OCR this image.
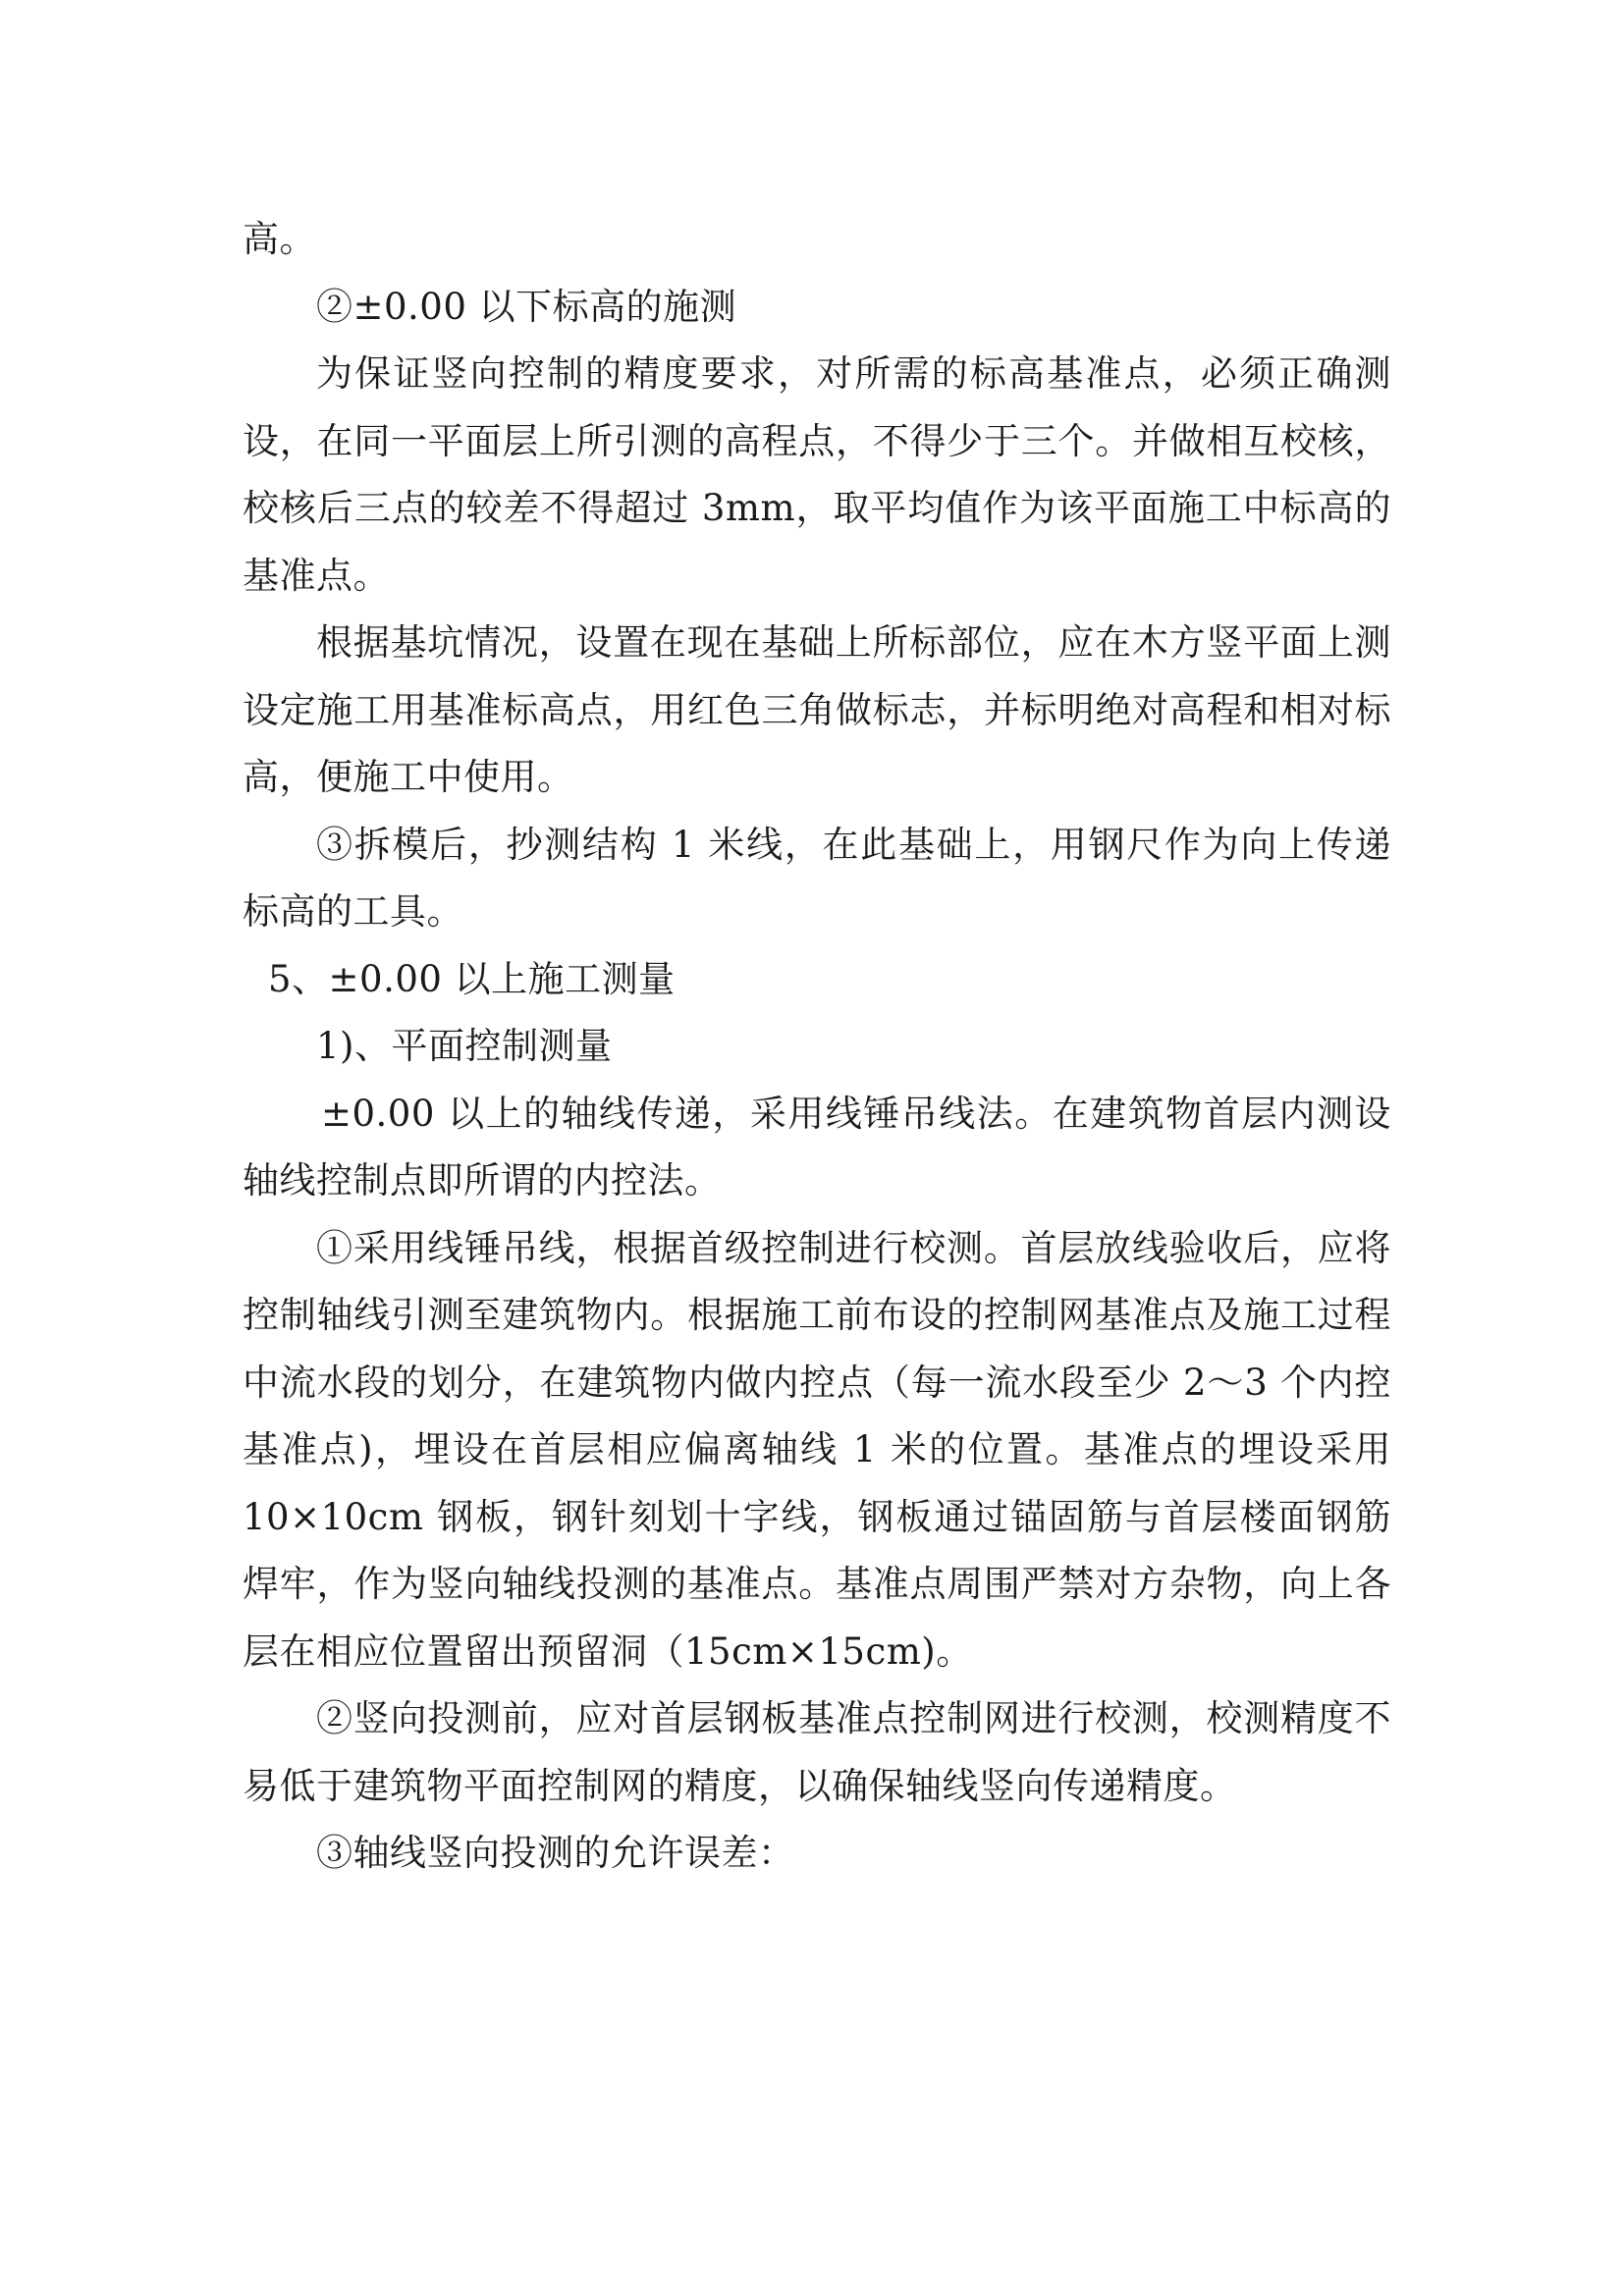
高。

②±0.00 以下标高的施测

为保证竖向控制的精度要求，对所需的标高基准点，必须正确测设，在同一平面层上所引测的高程点，不得少于三个。并做相互校核，校核后三点的较差不得超过 3mm，取平均值作为该平面施工中标高的基准点。

根据基坑情况，设置在现在基础上所标部位，应在木方竖平面上测设定施工用基准标高点，用红色三角做标志，并标明绝对高程和相对标高，便施工中使用。

③拆模后，抄测结构 1 米线，在此基础上，用钢尺作为向上传递标高的工具。

5、±0.00 以上施工测量

1)、平面控制测量

±0.00 以上的轴线传递，采用线锤吊线法。在建筑物首层内测设轴线控制点即所谓的内控法。

①采用线锤吊线，根据首级控制进行校测。首层放线验收后，应将控制轴线引测至建筑物内。根据施工前布设的控制网基准点及施工过程中流水段的划分，在建筑物内做内控点（每一流水段至少 2～3 个内控基准点)，埋设在首层相应偏离轴线 1 米的位置。基准点的埋设采用 10×10cm 钢板，钢针刻划十字线，钢板通过锚固筋与首层楼面钢筋焊牢，作为竖向轴线投测的基准点。基准点周围严禁对方杂物，向上各层在相应位置留出预留洞（15cm×15cm)。

②竖向投测前，应对首层钢板基准点控制网进行校测，校测精度不易低于建筑物平面控制网的精度，以确保轴线竖向传递精度。

③轴线竖向投测的允许误差：
